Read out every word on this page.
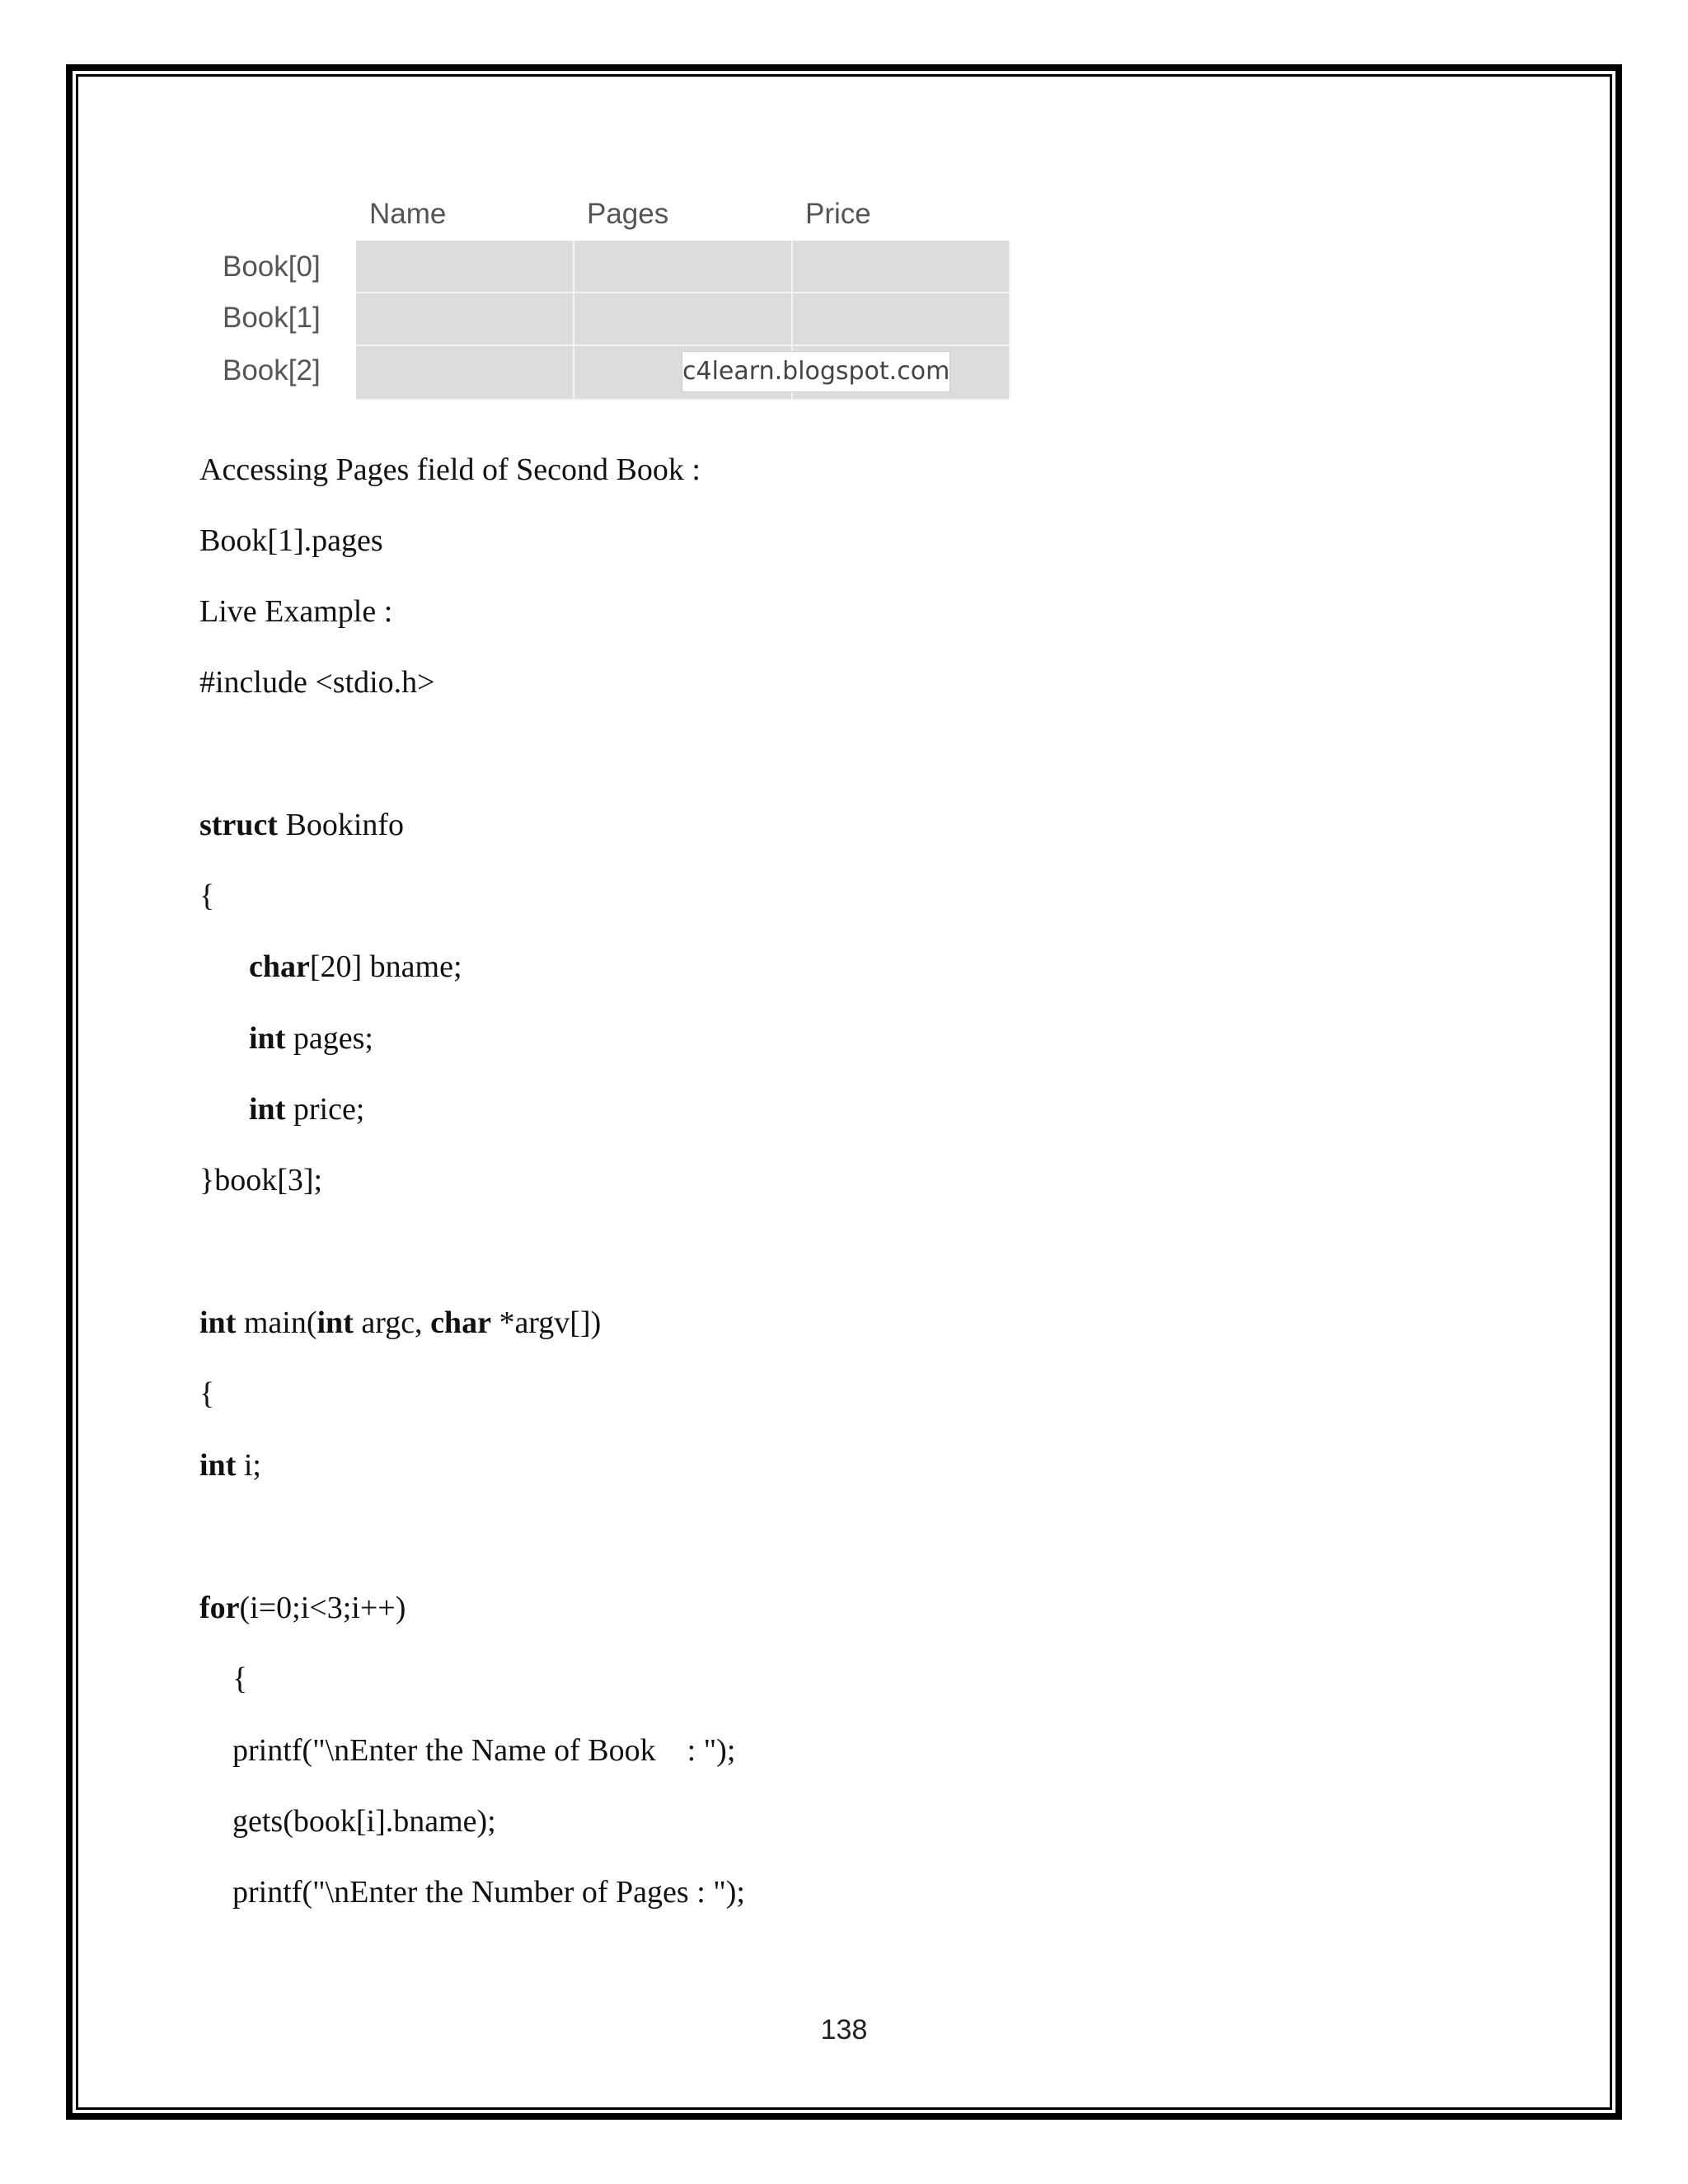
Name	Pages	Price
Book[0]
Book[1]
Book[2]	c4learn.blogspot.com
Accessing Pages field of Second Book :
Book[1].pages
Live Example :
#include <stdio.h>
struct Bookinfo
{
char[20] bname;
int pages;
int price;
}book[3];
int main(int argc, char *argv[])
{
int i;
for(i=0;i<3;i++)
{
printf("\nEnter the Name of Book    : ");
gets(book[i].bname);
printf("\nEnter the Number of Pages : ");
138
